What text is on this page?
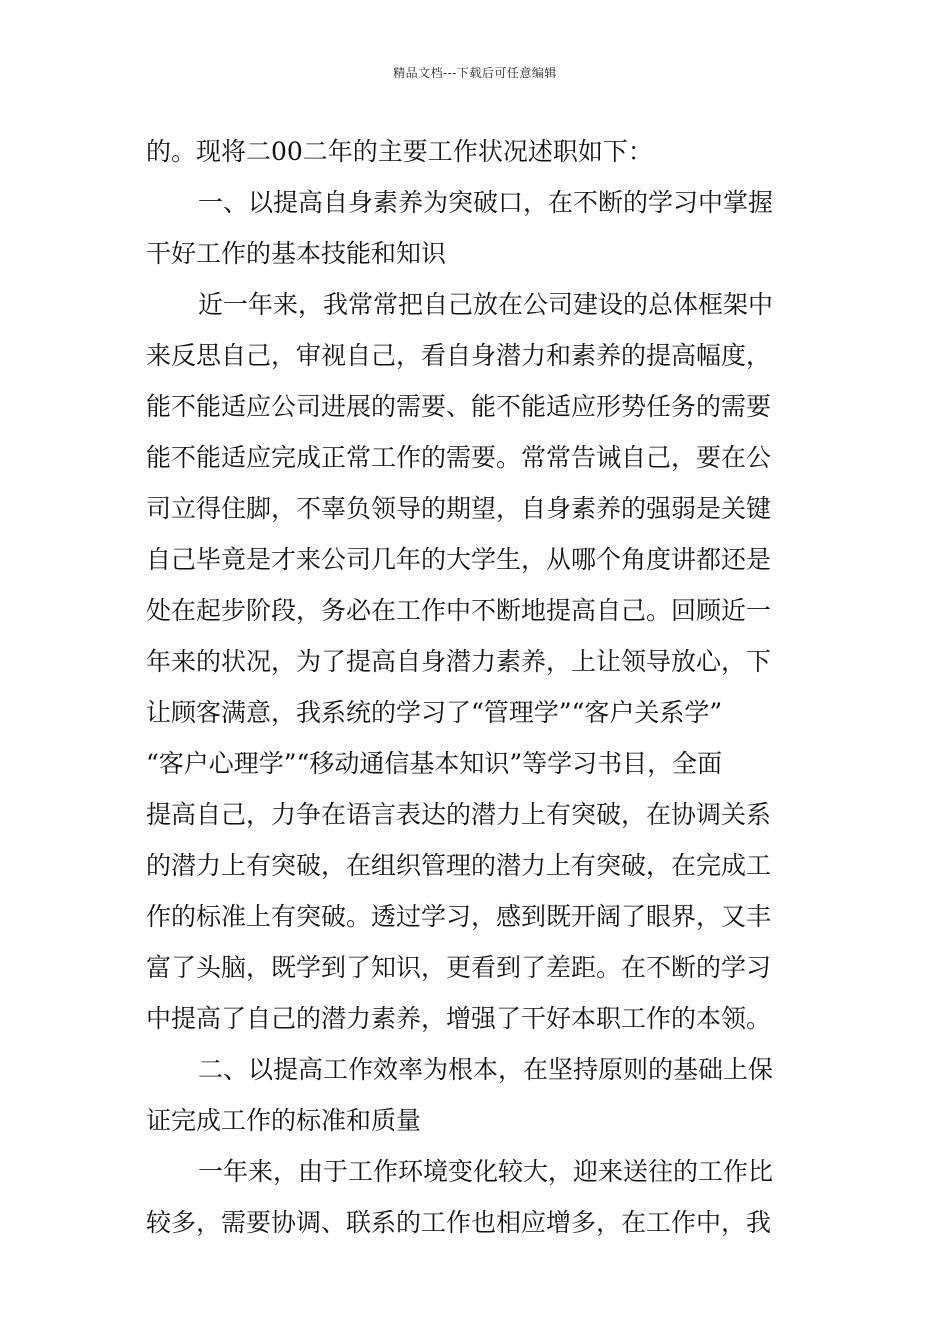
精品文档---下载后可任意编辑
的。现将二00二年的主要工作状况述职如下：
一、以提高自身素养为突破口，在不断的学习中掌握
干好工作的基本技能和知识
近一年来，我常常把自己放在公司建设的总体框架中
来反思自己，审视自己，看自身潜力和素养的提高幅度，
能不能适应公司进展的需要、能不能适应形势任务的需要
能不能适应完成正常工作的需要。常常告诫自己，要在公
司立得住脚，不辜负领导的期望，自身素养的强弱是关键
自己毕竟是才来公司几年的大学生，从哪个角度讲都还是
处在起步阶段，务必在工作中不断地提高自己。回顾近一
年来的状况，为了提高自身潜力素养，上让领导放心，下
让顾客满意，我系统的学习了“管理学”“客户关系学”
“客户心理学”“移动通信基本知识”等学习书目，全面
提高自己，力争在语言表达的潜力上有突破，在协调关系
的潜力上有突破，在组织管理的潜力上有突破，在完成工
作的标准上有突破。透过学习，感到既开阔了眼界，又丰
富了头脑，既学到了知识，更看到了差距。在不断的学习
中提高了自己的潜力素养，增强了干好本职工作的本领。
二、以提高工作效率为根本，在坚持原则的基础上保
证完成工作的标准和质量
一年来，由于工作环境变化较大，迎来送往的工作比
较多，需要协调、联系的工作也相应增多，在工作中，我
